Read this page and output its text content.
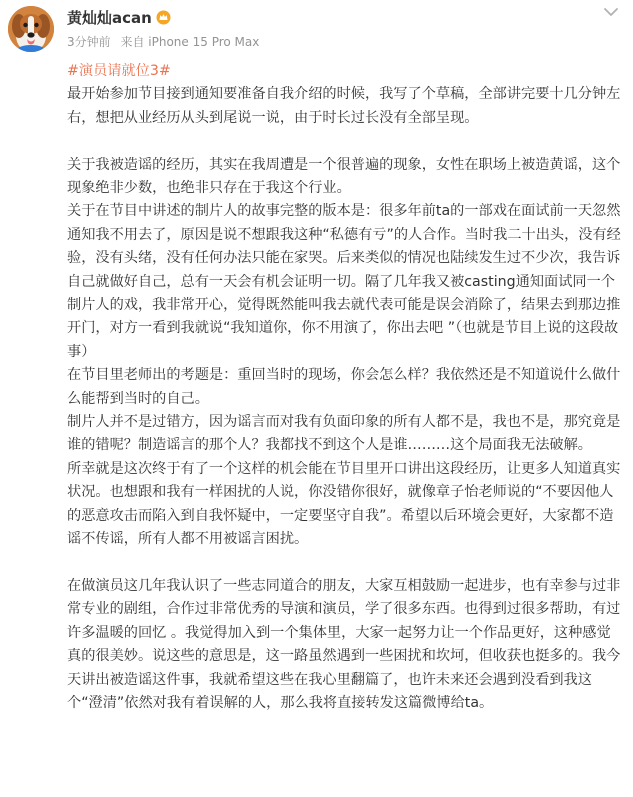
黄灿灿acan
3分钟前 来自 iPhone 15 Pro Max

#演员请就位3#

最开始参加节目接到通知要准备自我介绍的时候，我写了个草稿，全部讲完要十几分钟左右，想把从业经历从头到尾说一说，由于时长过长没有全部呈现。

关于我被造谣的经历，其实在我周遭是一个很普遍的现象，女性在职场上被造黄谣，这个现象绝非少数，也绝非只存在于我这个行业。

关于在节目中讲述的制片人的故事完整的版本是：很多年前ta的一部戏在面试前一天忽然通知我不用去了，原因是说不想跟我这种“私德有亏”的人合作。当时我二十出头，没有经验，没有头绪，没有任何办法只能在家哭。后来类似的情况也陆续发生过不少次，我告诉自己就做好自己，总有一天会有机会证明一切。隔了几年我又被casting通知面试同一个制片人的戏，我非常开心，觉得既然能叫我去就代表可能是误会消除了，结果去到那边推开门，对方一看到我就说“我知道你，你不用演了，你出去吧 ”（也就是节目上说的这段故事）

在节目里老师出的考题是：重回当时的现场，你会怎么样？我依然还是不知道说什么做什么能帮到当时的自己。

制片人并不是过错方，因为谣言而对我有负面印象的所有人都不是，我也不是，那究竟是谁的错呢？制造谣言的那个人？我都找不到这个人是谁………这个局面我无法破解。

所幸就是这次终于有了一个这样的机会能在节目里开口讲出这段经历，让更多人知道真实状况。也想跟和我有一样困扰的人说，你没错你很好，就像章子怡老师说的“不要因他人的恶意攻击而陷入到自我怀疑中，一定要坚守自我”。希望以后环境会更好，大家都不造谣不传谣，所有人都不用被谣言困扰。

在做演员这几年我认识了一些志同道合的朋友，大家互相鼓励一起进步，也有幸参与过非常专业的剧组，合作过非常优秀的导演和演员，学了很多东西。也得到过很多帮助，有过许多温暖的回忆 。我觉得加入到一个集体里，大家一起努力让一个作品更好，这种感觉真的很美妙。说这些的意思是，这一路虽然遇到一些困扰和坎坷，但收获也挺多的。我今天讲出被造谣这件事，我就希望这些在我心里翻篇了，也许未来还会遇到没看到我这个“澄清”依然对我有着误解的人，那么我将直接转发这篇微博给ta。
